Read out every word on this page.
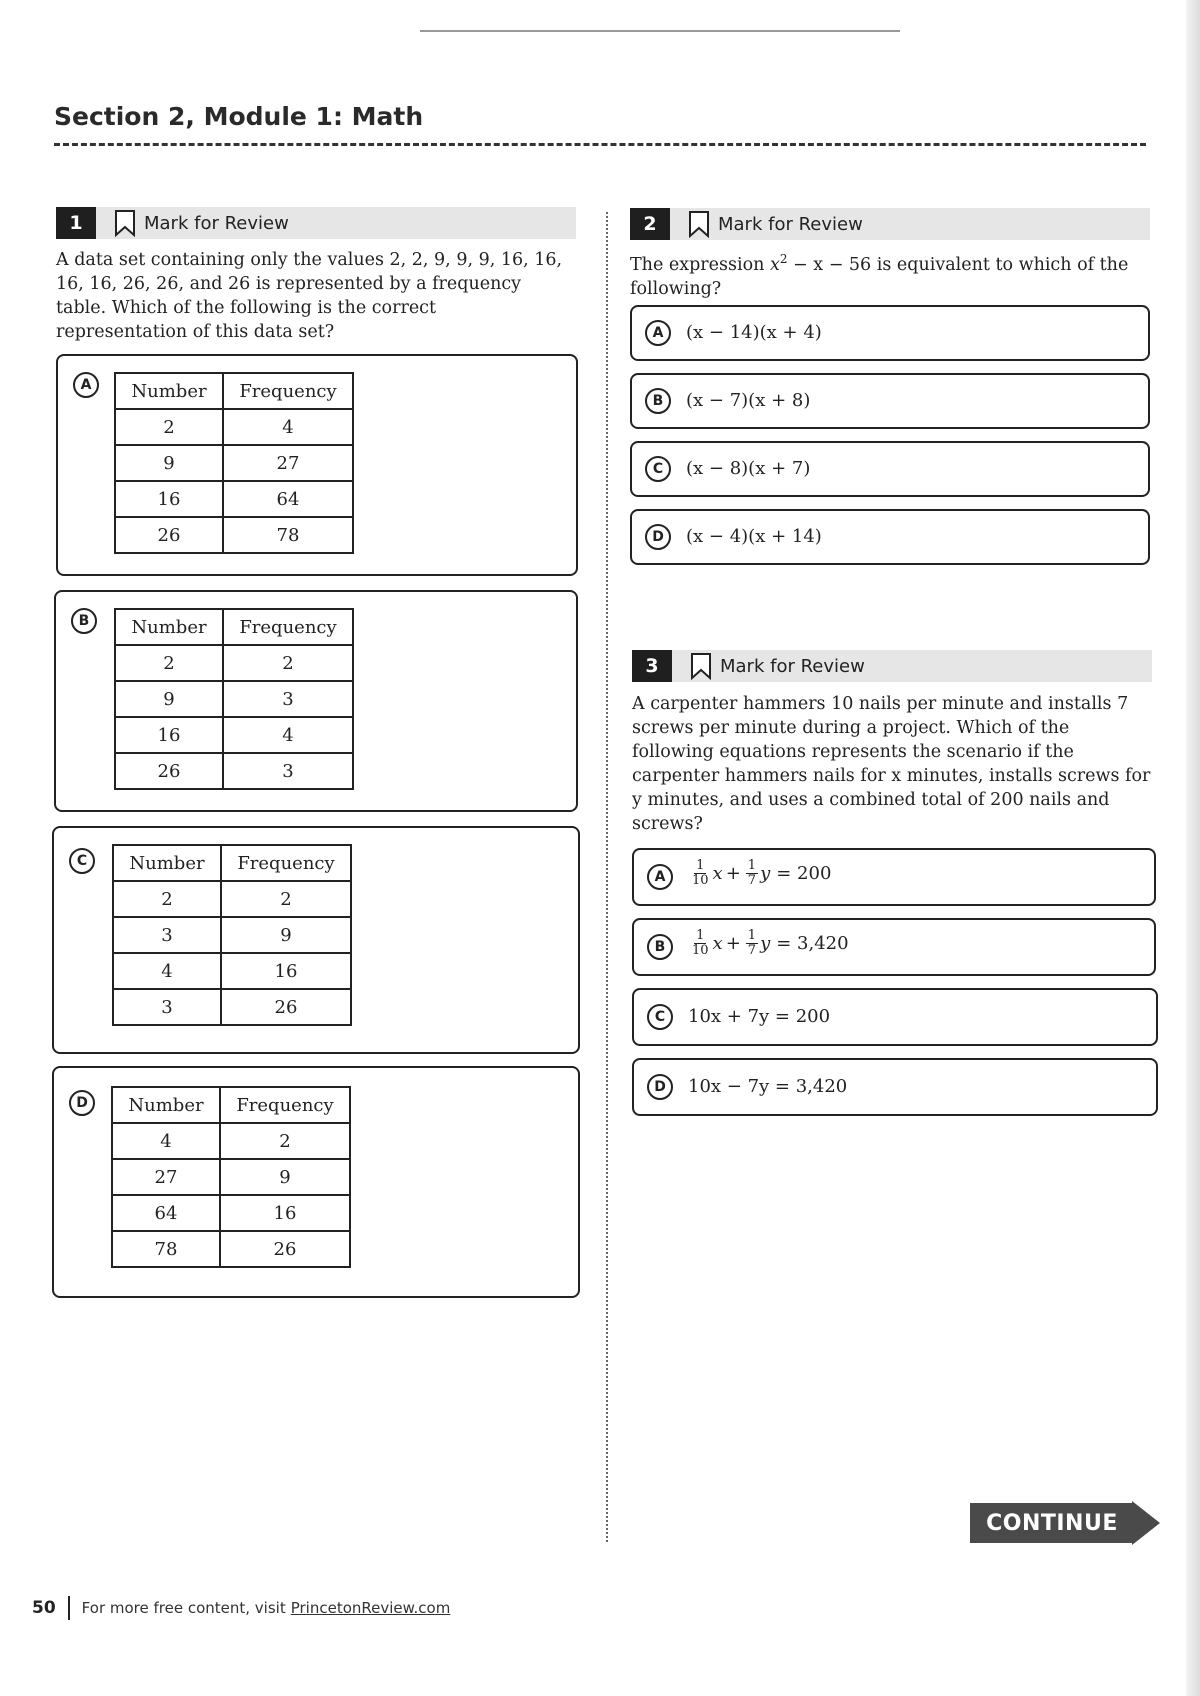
Section 2, Module 1: Math
1	Mark for Review
A data set containing only the values 2, 2, 9, 9, 9, 16, 16, 16, 16, 26, 26, and 26 is represented by a frequency table. Which of the following is the correct representation of this data set?
A	Number	Frequency
2	4
9	27
16	64
26	78
B	Number	Frequency
2	2
9	3
16	4
26	3
C	Number	Frequency
2	2
3	9
4	16
3	26
D	Number	Frequency
4	2
27	9
64	16
78	26
2	Mark for Review
The expression $x^2 - x - 56$ is equivalent to which of the following?
A	(x − 14)(x + 4)
B	(x − 7)(x + 8)
C	(x − 8)(x + 7)
D	(x − 4)(x + 14)
3	Mark for Review
A carpenter hammers 10 nails per minute and installs 7 screws per minute during a project. Which of the following equations represents the scenario if the carpenter hammers nails for x minutes, installs screws for y minutes, and uses a combined total of 200 nails and screws?
A	$\frac{1}{10}$ $x + \frac{1}{7}$ y = 200
B	$\frac{1}{10}$ $x + \frac{1}{7}$ y = 3,420
C	10x + 7y = 200
D	10x − 7y = 3,420
CONTINUE
50 For more free content, visit PrincetonReview.com
